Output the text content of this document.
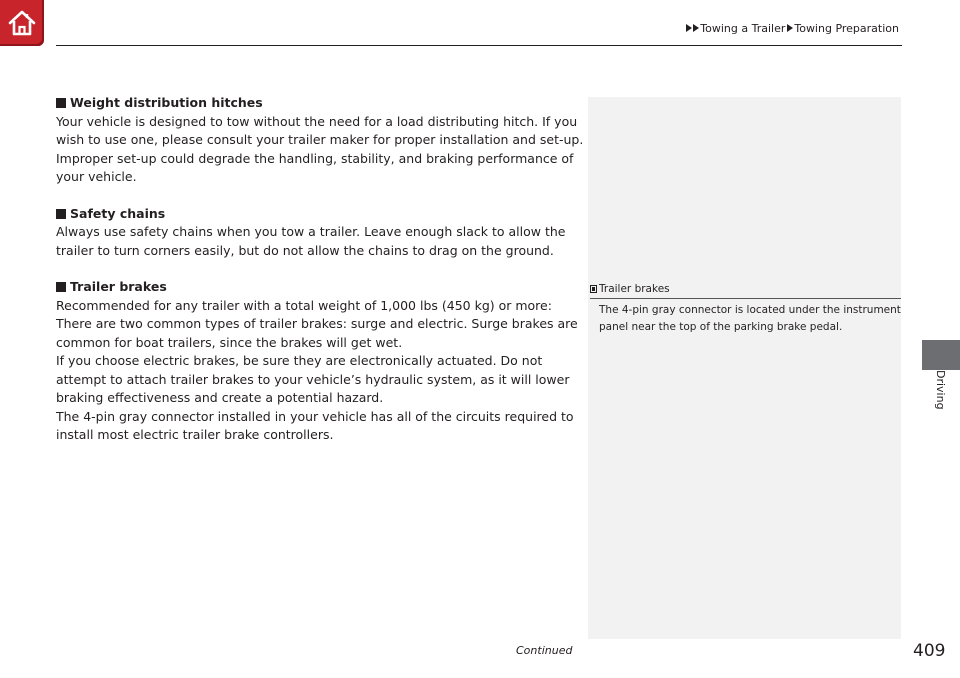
Towing a Trailer Towing Preparation
Weight distribution hitches

Your vehicle is designed to tow without the need for a load distributing hitch. If you wish to use one, please consult your trailer maker for proper installation and set-up. Improper set-up could degrade the handling, stability, and braking performance of your vehicle.

Safety chains

Always use safety chains when you tow a trailer. Leave enough slack to allow the trailer to turn corners easily, but do not allow the chains to drag on the ground.

Trailer brakes

Recommended for any trailer with a total weight of 1,000 lbs (450 kg) or more:

There are two common types of trailer brakes: surge and electric. Surge brakes are common for boat trailers, since the brakes will get wet.

If you choose electric brakes, be sure they are electronically actuated. Do not attempt to attach trailer brakes to your vehicle’s hydraulic system, as it will lower braking effectiveness and create a potential hazard.

The 4-pin gray connector installed in your vehicle has all of the circuits required to install most electric trailer brake controllers.

Trailer brakes
The 4-pin gray connector is located under the instrument panel near the top of the parking brake pedal.
Driving
Continued	409
